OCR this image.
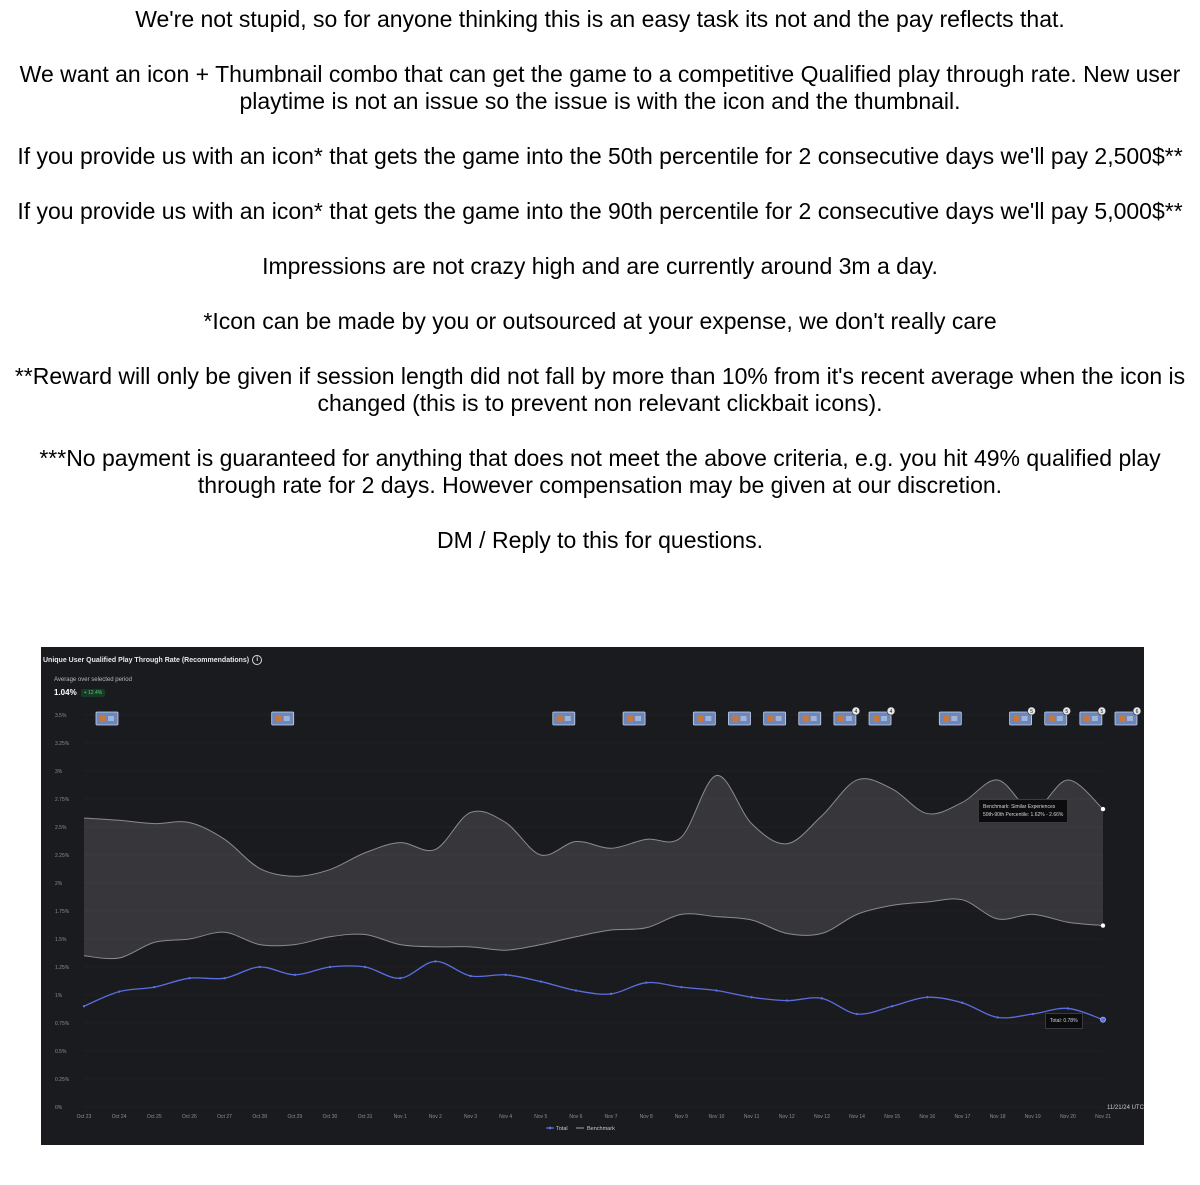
We're not stupid, so for anyone thinking this is an easy task its not and the pay reflects that.

We want an icon + Thumbnail combo that can get the game to a competitive Qualified play through rate. New user playtime is not an issue so the issue is with the icon and the thumbnail.

If you provide us with an icon* that gets the game into the 50th percentile for 2 consecutive days we'll pay 2,500$**

If you provide us with an icon* that gets the game into the 90th percentile for 2 consecutive days we'll pay 5,000$**

Impressions are not crazy high and are currently around 3m a day.

*Icon can be made by you or outsourced at your expense, we don't really care

**Reward will only be given if session length did not fall by more than 10% from it's recent average when the icon is changed (this is to prevent non relevant clickbait icons).

***No payment is guaranteed for anything that does not meet the above criteria, e.g. you hit 49% qualified play through rate for 2 days. However compensation may be given at our discretion.

DM / Reply to this for questions.

0%
0.25%
0.5%
0.75%
1%
1.25%
1.5%
1.75%
2%
2.25%
2.5%
2.75%
3%
3.25%
3.5%
Oct 23	Oct 24	Oct 25	Oct 26	Oct 27	Oct 28	Oct 29	Oct 30	Oct 31	Nov 1	Nov 2	Nov 3	Nov 4	Nov 5	Nov 6	Nov 7	Nov 8	Nov 9	Nov 10	Nov 11	Nov 12	Nov 13	Nov 14	Nov 15	Nov 16	Nov 17	Nov 18	Nov 19	Nov 20	Nov 21
4	4	5	5	5	6
Total	Benchmark
Unique User Qualified Play Through Rate (Recommendations) i
Average over selected period
1.04% + 12.4%
Benchmark: Similar Experiences
50th-90th Percentile: 1.62% - 2.66%
Total: 0.78%
11/21/24 UTC
